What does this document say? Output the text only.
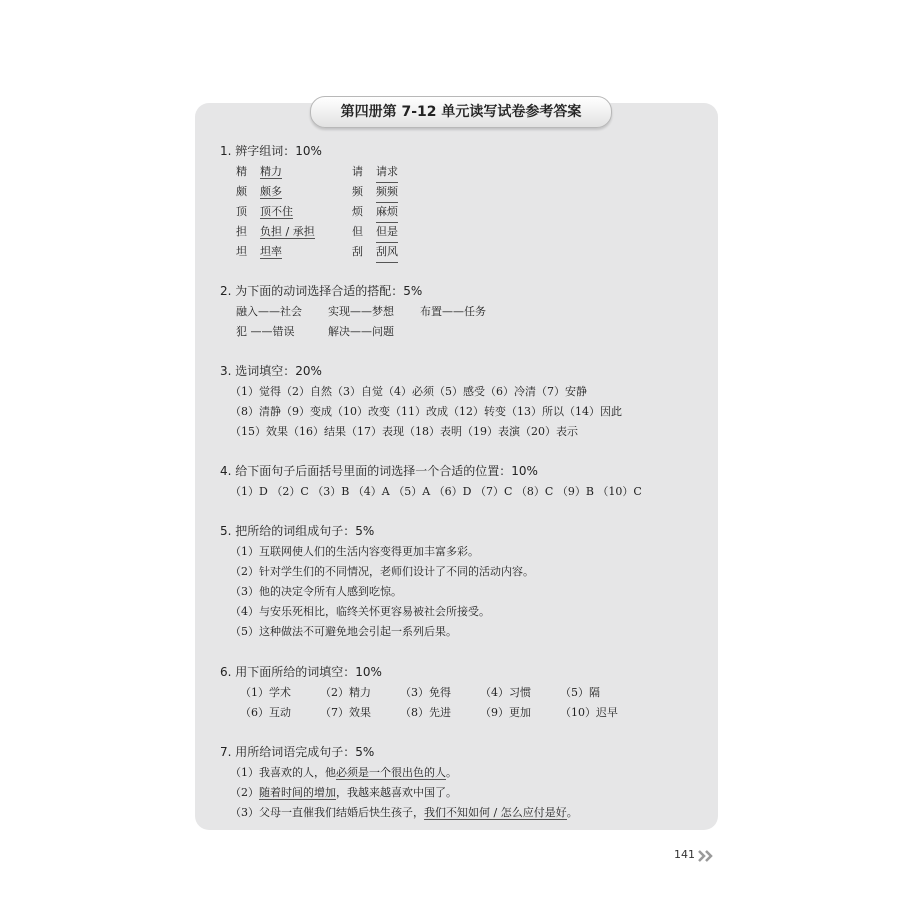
第四册第 7-12 单元读写试卷参考答案
1. 辨字组词：10%
精 精力	请 请求
颇 颇多	频 频频
顶 顶不住	烦 麻烦
担 负担 / 承担	但 但是
坦 坦率	刮 刮风
2. 为下面的动词选择合适的搭配：5%
融入——社会 实现——梦想 布置——任务
犯 ——错误	解决——问题
3. 选词填空：20%
（1）觉得（2）自然（3）自觉（4）必须（5）感受（6）冷清（7）安静
（8）清静（9）变成（10）改变（11）改成（12）转变（13）所以（14）因此
（15）效果（16）结果（17）表现（18）表明（19）表演（20）表示
4. 给下面句子后面括号里面的词选择一个合适的位置：10%
（1）D （2）C （3）B （4）A （5）A （6）D （7）C （8）C （9）B （10）C
5. 把所给的词组成句子：5%
（1）互联网使人们的生活内容变得更加丰富多彩。
（2）针对学生们的不同情况，老师们设计了不同的活动内容。
（3）他的决定令所有人感到吃惊。
（4）与安乐死相比，临终关怀更容易被社会所接受。
（5）这种做法不可避免地会引起一系列后果。
6. 用下面所给的词填空：10%
（1）学术	（2）精力	（3）免得	（4）习惯	（5）隔
（6）互动	（7）效果	（8）先进	（9）更加	（10）迟早
7. 用所给词语完成句子：5%
（1）我喜欢的人，他必须是一个很出色的人。
（2）随着时间的增加，我越来越喜欢中国了。
（3）父母一直催我们结婚后快生孩子，我们不知如何 / 怎么应付是好。
141
